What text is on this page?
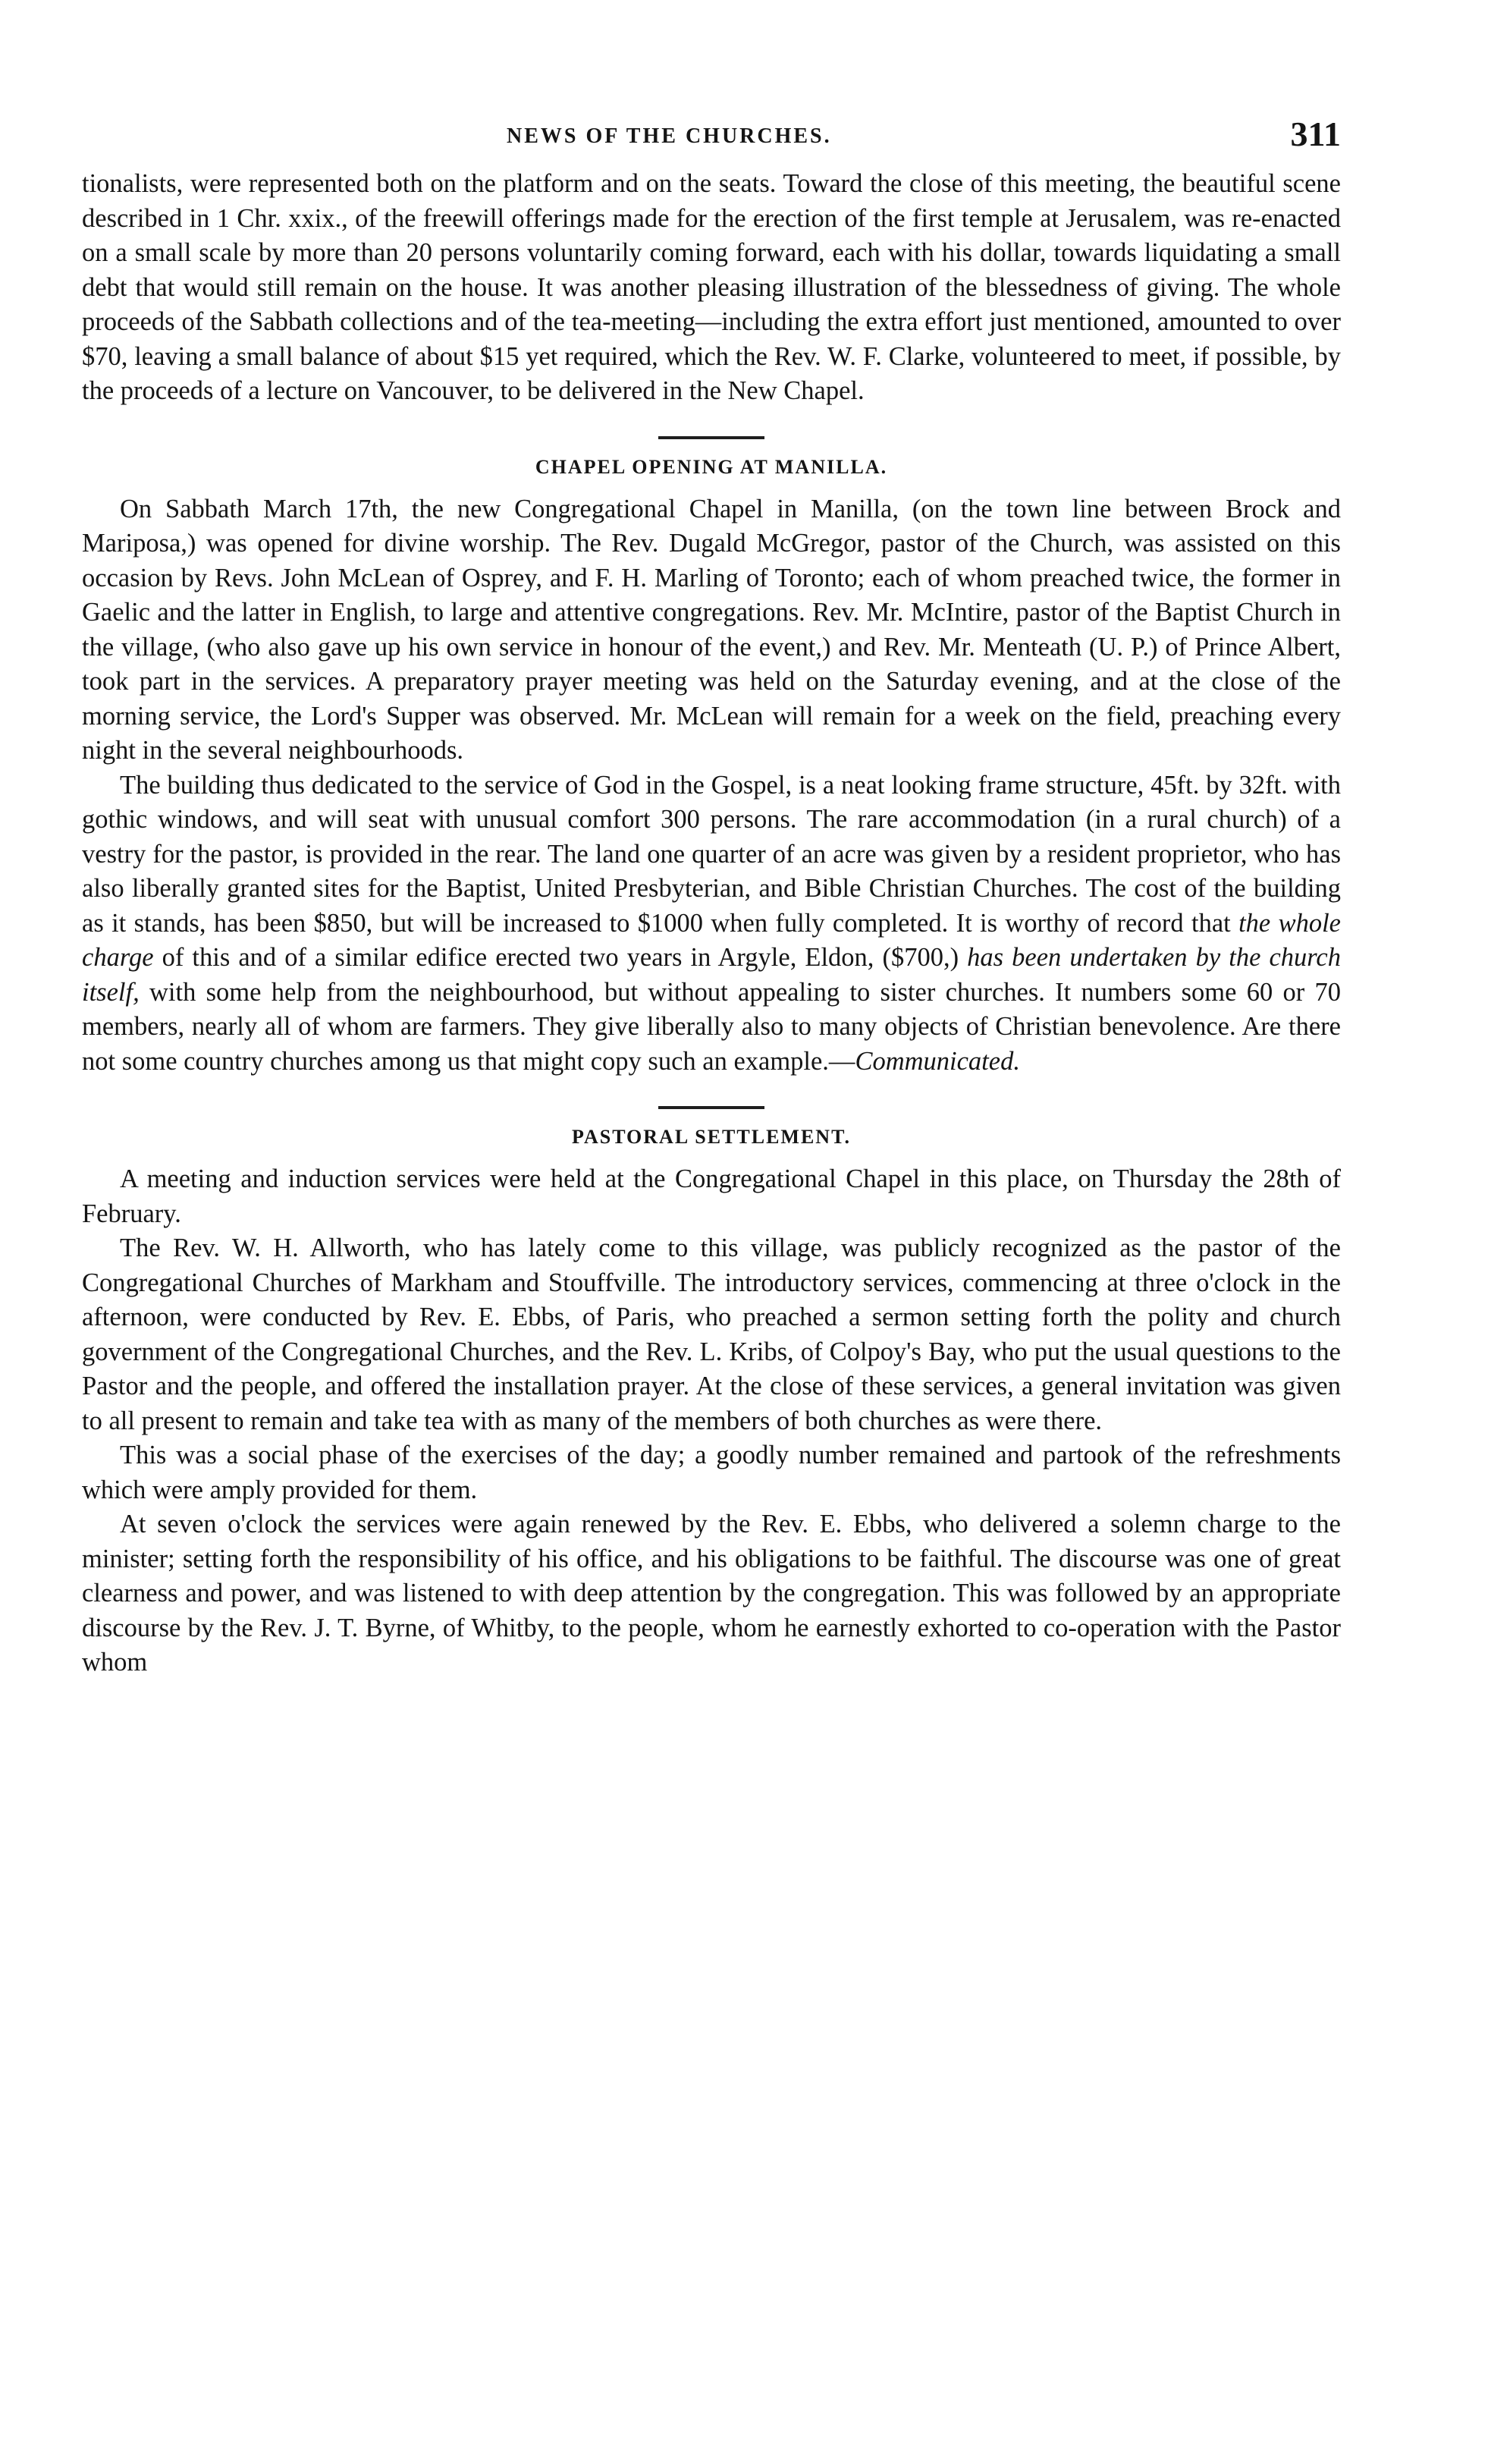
NEWS OF THE CHURCHES.	311

tionalists, were represented both on the platform and on the seats. Toward the close of this meeting, the beautiful scene described in 1 Chr. xxix., of the freewill offerings made for the erection of the first temple at Jerusalem, was re-enacted on a small scale by more than 20 persons voluntarily coming forward, each with his dollar, towards liquidating a small debt that would still remain on the house. It was another pleasing illustration of the blessedness of giving. The whole proceeds of the Sabbath collections and of the tea-meeting—including the extra effort just mentioned, amounted to over $70, leaving a small balance of about $15 yet required, which the Rev. W. F. Clarke, volunteered to meet, if possible, by the proceeds of a lecture on Vancouver, to be delivered in the New Chapel.

CHAPEL OPENING AT MANILLA.

On Sabbath March 17th, the new Congregational Chapel in Manilla, (on the town line between Brock and Mariposa,) was opened for divine worship. The Rev. Dugald McGregor, pastor of the Church, was assisted on this occasion by Revs. John McLean of Osprey, and F. H. Marling of Toronto; each of whom preached twice, the former in Gaelic and the latter in English, to large and attentive congregations. Rev. Mr. McIntire, pastor of the Baptist Church in the village, (who also gave up his own service in honour of the event,) and Rev. Mr. Menteath (U. P.) of Prince Albert, took part in the services. A preparatory prayer meeting was held on the Saturday evening, and at the close of the morning service, the Lord's Supper was observed. Mr. McLean will remain for a week on the field, preaching every night in the several neighbourhoods.

The building thus dedicated to the service of God in the Gospel, is a neat looking frame structure, 45ft. by 32ft. with gothic windows, and will seat with unusual comfort 300 persons. The rare accommodation (in a rural church) of a vestry for the pastor, is provided in the rear. The land one quarter of an acre was given by a resident proprietor, who has also liberally granted sites for the Baptist, United Presbyterian, and Bible Christian Churches. The cost of the building as it stands, has been $850, but will be increased to $1000 when fully completed. It is worthy of record that the whole charge of this and of a similar edifice erected two years in Argyle, Eldon, ($700,) has been undertaken by the church itself, with some help from the neighbourhood, but without appealing to sister churches. It numbers some 60 or 70 members, nearly all of whom are farmers. They give liberally also to many objects of Christian benevolence. Are there not some country churches among us that might copy such an example.—Communicated.

PASTORAL SETTLEMENT.

A meeting and induction services were held at the Congregational Chapel in this place, on Thursday the 28th of February.

The Rev. W. H. Allworth, who has lately come to this village, was publicly recognized as the pastor of the Congregational Churches of Markham and Stouffville. The introductory services, commencing at three o'clock in the afternoon, were conducted by Rev. E. Ebbs, of Paris, who preached a sermon setting forth the polity and church government of the Congregational Churches, and the Rev. L. Kribs, of Colpoy's Bay, who put the usual questions to the Pastor and the people, and offered the installation prayer. At the close of these services, a general invitation was given to all present to remain and take tea with as many of the members of both churches as were there.

This was a social phase of the exercises of the day; a goodly number remained and partook of the refreshments which were amply provided for them.

At seven o'clock the services were again renewed by the Rev. E. Ebbs, who delivered a solemn charge to the minister; setting forth the responsibility of his office, and his obligations to be faithful. The discourse was one of great clearness and power, and was listened to with deep attention by the congregation. This was followed by an appropriate discourse by the Rev. J. T. Byrne, of Whitby, to the people, whom he earnestly exhorted to co-operation with the Pastor whom
